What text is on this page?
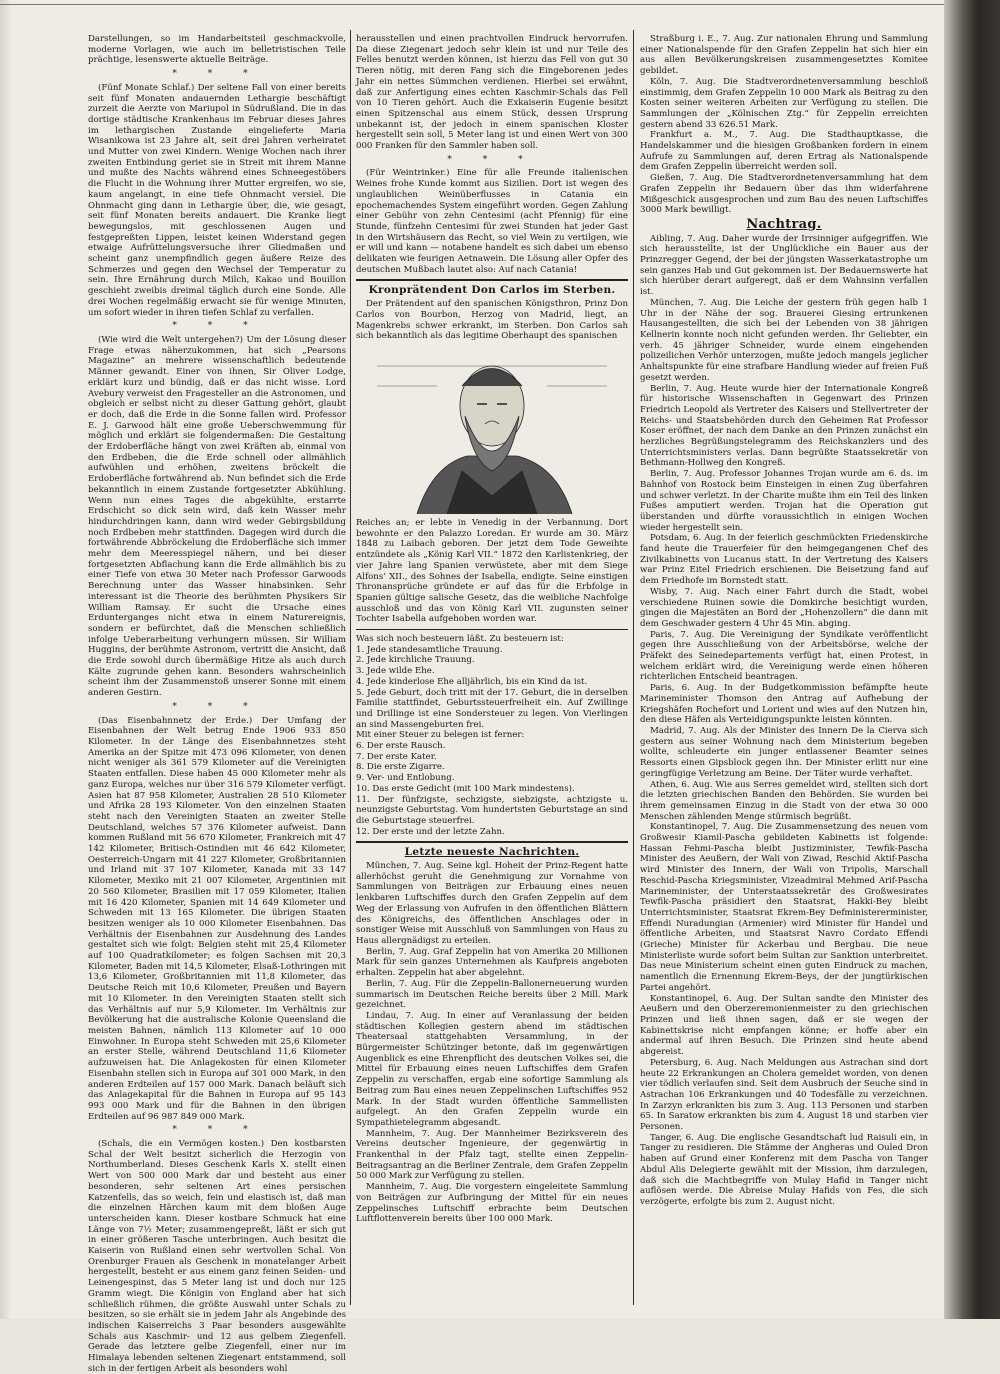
Darstellungen, so im Handarbeitsteil geschmackvolle, moderne Vorlagen, wie auch im belletristischen Teile prächtige, lesenswerte aktuelle Beiträge.

* * *

(Fünf Monate Schlaf.) Der seltene Fall von einer bereits seit fünf Monaten andauernden Lethargie beschäftigt zurzeit die Aerzte von Mariupol in Südrußland. Die in das dortige städtische Krankenhaus im Februar dieses Jahres im lethargischen Zustande eingelieferte Maria Wisanikowa ist 23 Jahre alt, seit drei Jahren verheiratet und Mutter von zwei Kindern. Wenige Wochen nach ihrer zweiten Entbindung geriet sie in Streit mit ihrem Manne und mußte des Nachts während eines Schneegestöbers die Flucht in die Wohnung ihrer Mutter ergreifen, wo sie, kaum angelangt, in eine tiefe Ohnmacht versiel. Die Ohnmacht ging dann in Lethargie über, die, wie gesagt, seit fünf Monaten bereits andauert. Die Kranke liegt bewegungslos, mit geschlossenen Augen und festgepreßten Lippen, leistet keinen Widerstand gegen etwaige Aufrüttelungsversuche ihrer Gliedmaßen und scheint ganz unempfindlich gegen äußere Reize des Schmerzes und gegen den Wechsel der Temperatur zu sein. Ihre Ernährung durch Milch, Kakao und Bouillon geschieht zweibis dreimal täglich durch eine Sonde. Alle drei Wochen regelmäßig erwacht sie für wenige Minuten, um sofort wieder in ihren tiefen Schlaf zu verfallen.

* * *

(Wie wird die Welt untergehen?) Um der Lösung dieser Frage etwas näherzukommen, hat sich „Pearsons Magazine“ an mehrere wissenschaftlich bedeutende Männer gewandt. Einer von ihnen, Sir Oliver Lodge, erklärt kurz und bündig, daß er das nicht wisse. Lord Avebury verweist den Fragesteller an die Astronomen, und obgleich er selbst nicht zu dieser Gattung gehört, glaubt er doch, daß die Erde in die Sonne fallen wird. Professor E. J. Garwood hält eine große Ueberschwemmung für möglich und erklärt sie folgendermaßen: Die Gestaltung der Erdoberfläche hängt von zwei Kräften ab, einmal von den Erdbeben, die die Erde schnell oder allmählich aufwühlen und erhöhen, zweitens bröckelt die Erdoberfläche fortwährend ab. Nun befindet sich die Erde bekanntlich in einem Zustande fortgesetzter Abkühlung. Wenn nun eines Tages die abgekühlte, erstarrte Erdschicht so dick sein wird, daß kein Wasser mehr hindurchdringen kann, dann wird weder Gebirgsbildung noch Erdbeben mehr stattfinden. Dagegen wird durch die fortwährende Abbröckelung die Erdoberfläche sich immer mehr dem Meeresspiegel nähern, und bei dieser fortgesetzten Abflachung kann die Erde allmählich bis zu einer Tiefe von etwa 30 Meter nach Professor Garwoods Berechnung unter das Wasser hinabsinken. Sehr interessant ist die Theorie des berühmten Physikers Sir William Ramsay. Er sucht die Ursache eines Erdunterganges nicht etwa in einem Naturereignis, sondern er befürchtet, daß die Menschen schließlich infolge Ueberarbeitung verhungern müssen. Sir William Huggins, der berühmte Astronom, vertritt die Ansicht, daß die Erde sowohl durch übermäßige Hitze als auch durch Kälte zugrunde gehen kann. Besonders wahrscheinlich scheint ihm der Zusammenstoß unserer Sonne mit einem anderen Gestirn.

* * *

(Das Eisenbahnnetz der Erde.) Der Umfang der Eisenbahnen der Welt betrug Ende 1906 933 850 Kilometer. In der Länge des Eisenbahnnetzes steht Amerika an der Spitze mit 473 096 Kilometer, von denen nicht weniger als 361 579 Kilometer auf die Vereinigten Staaten entfallen. Diese haben 45 000 Kilometer mehr als ganz Europa, welches nur über 316 579 Kilometer verfügt. Asien hat 87 958 Kilometer, Australien 28 510 Kilometer und Afrika 28 193 Kilometer. Von den einzelnen Staaten steht nach den Vereinigten Staaten an zweiter Stelle Deutschland, welches 57 376 Kilometer aufweist. Dann kommen Rußland mit 56 670 Kilometer, Frankreich mit 47 142 Kilometer, Britisch-Ostindien mit 46 642 Kilometer, Oesterreich-Ungarn mit 41 227 Kilometer, Großbritannien und Irland mit 37 107 Kilometer, Kanada mit 33 147 Kilometer, Mexiko mit 21 007 Kilometer, Argentinien mit 20 560 Kilometer, Brasilien mit 17 059 Kilometer, Italien mit 16 420 Kilometer, Spanien mit 14 649 Kilometer und Schweden mit 13 165 Kilometer. Die übrigen Staaten besitzen weniger als 10 000 Kilometer Eisenbahnen. Das Verhältnis der Eisenbahnen zur Ausdehnung des Landes gestaltet sich wie folgt: Belgien steht mit 25,4 Kilometer auf 100 Quadratkilometer; es folgen Sachsen mit 20,3 Kilometer, Baden mit 14,5 Kilometer, Elsaß-Lothringen mit 13,6 Kilometer, Großbritannien mit 11,8 Kilometer, das Deutsche Reich mit 10,6 Kilometer, Preußen und Bayern mit 10 Kilometer. In den Vereinigten Staaten stellt sich das Verhältnis auf nur 5,9 Kilometer. Im Verhältnis zur Bevölkerung hat die australische Kolonie Queensland die meisten Bahnen, nämlich 113 Kilometer auf 10 000 Einwohner. In Europa steht Schweden mit 25,6 Kilometer an erster Stelle, während Deutschland 11,6 Kilometer aufzuweisen hat. Die Anlagekosten für einen Kilometer Eisenbahn stellen sich in Europa auf 301 000 Mark, in den anderen Erdteilen auf 157 000 Mark. Danach beläuft sich das Anlagekapital für die Bahnen in Europa auf 95 143 993 000 Mark und für die Bahnen in den übrigen Erdteilen auf 96 987 849 000 Mark.

* * *

(Schals, die ein Vermögen kosten.) Den kostbarsten Schal der Welt besitzt sicherlich die Herzogin von Northumberland. Dieses Geschenk Karls X. stellt einen Wert von 500 000 Mark dar und besteht aus einer besonderen, sehr seltenen Art eines persischen Katzenfells, das so weich, fein und elastisch ist, daß man die einzelnen Härchen kaum mit dem bloßen Auge unterscheiden kann. Dieser kostbare Schmuck hat eine Länge von 7½ Meter; zusammengepreßt, läßt er sich gut in einer größeren Tasche unterbringen. Auch besitzt die Kaiserin von Rußland einen sehr wertvollen Schal. Von Orenburger Frauen als Geschenk in monatelanger Arbeit hergestellt, besteht er aus einem ganz feinen Seiden- und Leinengespinst, das 5 Meter lang ist und doch nur 125 Gramm wiegt. Die Königin von England aber hat sich schließlich rühmen, die größte Auswahl unter Schals zu besitzen, so sie erhält sie in jedem Jahr als Angebinde des indischen Kaiserreichs 3 Paar besonders ausgewählte Schals aus Kaschmir- und 12 aus gelbem Ziegenfell. Gerade das letztere gelbe Ziegenfell, einer nur im Himalaya lebenden seltenen Ziegenart entstammend, soll sich in der fertigen Arbeit als besonders wohl

herausstellen und einen prachtvollen Eindruck hervorrufen. Da diese Ziegenart jedoch sehr klein ist und nur Teile des Felles benutzt werden können, ist hierzu das Fell von gut 30 Tieren nötig, mit deren Fang sich die Eingeborenen jedes Jahr ein nettes Sümmchen verdienen. Hierbei sei erwähnt, daß zur Anfertigung eines echten Kaschmir-Schals das Fell von 10 Tieren gehört. Auch die Exkaiserin Eugenie besitzt einen Spitzenschal aus einem Stück, dessen Ursprung unbekannt ist, der jedoch in einem spanischen Kloster hergestellt sein soll, 5 Meter lang ist und einen Wert von 300 000 Franken für den Sammler haben soll.

* * *

(Für Weintrinker.) Eine für alle Freunde italienischen Weines frohe Kunde kommt aus Sizilien. Dort ist wegen des unglaublichen Weinüberflusses in Catania ein epochemachendes System eingeführt worden. Gegen Zahlung einer Gebühr von zehn Centesimi (acht Pfennig) für eine Stunde, fünfzehn Centesimi für zwei Stunden hat jeder Gast in den Wirtshäusern das Recht, so viel Wein zu vertilgen, wie er will und kann — notabene handelt es sich dabei um ebenso delikaten wie feurigen Aetnawein. Die Lösung aller Opfer des deutschen Mußbach lautet also: Auf nach Catania!

Kronprätendent Don Carlos im Sterben.

Der Prätendent auf den spanischen Königsthron, Prinz Don Carlos von Bourbon, Herzog von Madrid, liegt, an Magenkrebs schwer erkrankt, im Sterben. Don Carlos sah sich bekanntlich als das legitime Oberhaupt des spanischen

Reiches an; er lebte in Venedig in der Verbannung. Dort bewohnte er den Palazzo Loredan. Er wurde am 30. März 1848 zu Laibach geboren. Der jetzt dem Tode Geweihte entzündete als „König Karl VII.“ 1872 den Karlistenkrieg, der vier Jahre lang Spanien verwüstete, aber mit dem Siege Alfons’ XII., des Sohnes der Isabella, endigte. Seine einstigen Thronansprüche gründete er auf das für die Erbfolge in Spanien gültige salische Gesetz, das die weibliche Nachfolge ausschloß und das von König Karl VII. zugunsten seiner Tochter Isabella aufgehoben worden war.

Was sich noch besteuern läßt. Zu besteuern ist:
1. Jede standesamtliche Trauung.
2. Jede kirchliche Trauung.
3. Jede wilde Ehe.
4. Jede kinderlose Ehe alljährlich, bis ein Kind da ist.
5. Jede Geburt, doch tritt mit der 17. Geburt, die in derselben Familie stattfindet, Geburtssteuerfreiheit ein. Auf Zwillinge und Drillinge ist eine Sondersteuer zu legen. Von Vierlingen an sind Massengeburten frei.
Mit einer Steuer zu belegen ist ferner:
6. Der erste Rausch.
7. Der erste Kater.
8. Die erste Zigarre.
9. Ver- und Entlobung.
10. Das erste Gedicht (mit 100 Mark mindestens).
11. Der fünfzigste, sechzigste, siebzigste, achtzigste u. neunzigste Geburtstag. Vom hundertsten Geburtstage an sind die Geburtstage steuerfrei.
12. Der erste und der letzte Zahn.
Letzte neueste Nachrichten.

München, 7. Aug. Seine kgl. Hoheit der Prinz-Regent hatte allerhöchst geruht die Genehmigung zur Vornahme von Sammlungen von Beiträgen zur Erbauung eines neuen lenkbaren Luftschiffes durch den Grafen Zeppelin auf dem Weg der Erlassung von Aufrufen in den öffentlichen Blättern des Königreichs, des öffentlichen Anschlages oder in sonstiger Weise mit Ausschluß von Sammlungen von Haus zu Haus allergnädigst zu erteilen.

Berlin, 7. Aug. Graf Zeppelin hat von Amerika 20 Millionen Mark für sein ganzes Unternehmen als Kaufpreis angeboten erhalten. Zeppelin hat aber abgelehnt.

Berlin, 7. Aug. Für die Zeppelin-Ballonerneuerung wurden summarisch im Deutschen Reiche bereits über 2 Mill. Mark gezeichnet.

Lindau, 7. Aug. In einer auf Veranlassung der beiden städtischen Kollegien gestern abend im städtischen Theatersaal stattgehabten Versammlung, in der Bürgermeister Schützinger betonte, daß im gegenwärtigen Augenblick es eine Ehrenpflicht des deutschen Volkes sei, die Mittel für Erbauung eines neuen Luftschiffes dem Grafen Zeppelin zu verschaffen, ergab eine sofortige Sammlung als Beitrag zum Bau eines neuen Zeppelinschen Luftschiffes 952 Mark. In der Stadt wurden öffentliche Sammellisten aufgelegt. An den Grafen Zeppelin wurde ein Sympathietelegramm abgesandt.

Mannheim, 7. Aug. Der Mannheimer Bezirksverein des Vereins deutscher Ingenieure, der gegenwärtig in Frankenthal in der Pfalz tagt, stellte einen Zeppelin-Beitragsantrag an die Berliner Zentrale, dem Grafen Zeppelin 50 000 Mark zur Verfügung zu stellen.

Mannheim, 7. Aug. Die vorgestern eingeleitete Sammlung von Beiträgen zur Aufbringung der Mittel für ein neues Zeppelinsches Luftschiff erbrachte beim Deutschen Luftflottenverein bereits über 100 000 Mark.

Straßburg i. E., 7. Aug. Zur nationalen Ehrung und Sammlung einer Nationalspende für den Grafen Zeppelin hat sich hier ein aus allen Bevölkerungskreisen zusammengesetztes Komitee gebildet.

Köln, 7. Aug. Die Stadtverordnetenversammlung beschloß einstimmig, dem Grafen Zeppelin 10 000 Mark als Beitrag zu den Kosten seiner weiteren Arbeiten zur Verfügung zu stellen. Die Sammlungen der „Kölnischen Ztg.“ für Zeppelin erreichten gestern abend 33 626.51 Mark.

Frankfurt a. M., 7. Aug. Die Stadthauptkasse, die Handelskammer und die hiesigen Großbanken fordern in einem Aufrufe zu Sammlungen auf, deren Ertrag als Nationalspende dem Grafen Zeppelin überreicht werden soll.

Gießen, 7. Aug. Die Stadtverordnetenversammlung hat dem Grafen Zeppelin ihr Bedauern über das ihm widerfahrene Mißgeschick ausgesprochen und zum Bau des neuen Luftschiffes 3000 Mark bewilligt.

Nachtrag.

Aibling, 7. Aug. Daher wurde der Irrsinniger aufgegriffen. Wie sich herausstellte, ist der Unglückliche ein Bauer aus der Prinzregger Gegend, der bei der jüngsten Wasserkatastrophe um sein ganzes Hab und Gut gekommen ist. Der Bedauernswerte hat sich hierüber derart aufgeregt, daß er dem Wahnsinn verfallen ist.

München, 7. Aug. Die Leiche der gestern früh gegen halb 1 Uhr in der Nähe der sog. Brauerei Giesing ertrunkenen Hausangestellten, die sich bei der Lebenden von 38 jährigen Kellnerin konnte noch nicht gefunden werden. Ihr Geliebter, ein verh. 45 jähriger Schneider, wurde einem eingehenden polizeilichen Verhör unterzogen, mußte jedoch mangels jeglicher Anhaltspunkte für eine strafbare Handlung wieder auf freien Fuß gesetzt werden.

Berlin, 7. Aug. Heute wurde hier der Internationale Kongreß für historische Wissenschaften in Gegenwart des Prinzen Friedrich Leopold als Vertreter des Kaisers und Stellvertreter der Reichs- und Staatsbehörden durch den Geheimen Rat Professor Koser eröffnet, der nach dem Danke an den Prinzen zunächst ein herzliches Begrüßungstelegramm des Reichskanzlers und des Unterrichtsministers verlas. Dann begrüßte Staatssekretär von Bethmann-Hollweg den Kongreß.

Berlin, 7. Aug. Professor Johannes Trojan wurde am 6. ds. im Bahnhof von Rostock beim Einsteigen in einen Zug überfahren und schwer verletzt. In der Charite mußte ihm ein Teil des linken Fußes amputiert werden. Trojan hat die Operation gut überstanden und dürfte voraussichtlich in einigen Wochen wieder hergestellt sein.

Potsdam, 6. Aug. In der feierlich geschmückten Friedenskirche fand heute die Trauerfeier für den heimgegangenen Chef des Zivilkabinetts von Lucanus statt. In der Vertretung des Kaisers war Prinz Eitel Friedrich erschienen. Die Beisetzung fand auf dem Friedhofe im Bornstedt statt.

Wisby, 7. Aug. Nach einer Fahrt durch die Stadt, wobei verschiedene Ruinen sowie die Domkirche besichtigt wurden, gingen die Majestäten an Bord der „Hohenzollern“ die dann mit dem Geschwader gestern 4 Uhr 45 Min. abging.

Paris, 7. Aug. Die Vereinigung der Syndikate veröffentlicht gegen ihre Ausschließung von der Arbeitsbörse, welche der Präfekt des Seinedepartements verfügt hat, einen Protest, in welchem erklärt wird, die Vereinigung werde einen höheren richterlichen Entscheid beantragen.

Paris, 6. Aug. In der Budgetkommission befämpfte heute Marineminister Thomson den Antrag auf Aufhebung der Kriegshäfen Rochefort und Lorient und wies auf den Nutzen hin, den diese Häfen als Verteidigungspunkte leisten könnten.

Madrid, 7. Aug. Als der Minister des Innern De la Cierva sich gestern aus seiner Wohnung nach dem Ministerium begeben wollte, schleuderte ein junger entlassener Beamter seines Ressorts einen Gipsblock gegen ihn. Der Minister erlitt nur eine geringfügige Verletzung am Beine. Der Täter wurde verhaftet.

Athen, 6. Aug. Wie aus Serres gemeldet wird, stellten sich dort die letzten griechischen Banden den Behörden. Sie wurden bei ihrem gemeinsamen Einzug in die Stadt von der etwa 30 000 Menschen zählenden Menge stürmisch begrüßt.

Konstantinopel, 7. Aug. Die Zusammensetzung des neuen vom Großwesir Kiamil-Pascha gebildeten Kabinetts ist folgende: Hassan Fehmi-Pascha bleibt Justizminister, Tewfik-Pascha Minister des Aeußern, der Wali von Ziwad, Reschid Aktif-Pascha wird Minister des Innern, der Wali von Tripolis, Marschall Reschid-Pascha Kriegsminister, Vizeadmiral Mehmed Arif-Pascha Marineminister, der Unterstaatssekretär des Großwesirates Tewfik-Pascha präsidiert den Staatsrat, Hakki-Bey bleibt Unterrichtsminister, Staatsrat Ekrem-Bey Defministererminister, Effendi Nuradungian (Armenier) wird Minister für Handel und öffentliche Arbeiten, und Staatsrat Navro Cordato Effendi (Grieche) Minister für Ackerbau und Bergbau. Die neue Ministerliste wurde sofort beim Sultan zur Sanktion unterbreitet. Das neue Ministerium scheint einen guten Eindruck zu machen, namentlich die Ernennung Ekrem-Beys, der der jungtürkischen Partei angehört.

Konstantinopel, 6. Aug. Der Sultan sandte den Minister des Aeußern und den Oberzeremonienmeister zu den griechischen Prinzen und ließ ihnen sagen, daß er sie wegen der Kabinettskrise nicht empfangen könne; er hoffe aber ein andermal auf ihren Besuch. Die Prinzen sind heute abend abgereist.

Petersburg, 6. Aug. Nach Meldungen aus Astrachan sind dort heute 22 Erkrankungen an Cholera gemeldet worden, von denen vier tödlich verlaufen sind. Seit dem Ausbruch der Seuche sind in Astrachan 106 Erkrankungen und 40 Todesfälle zu verzeichnen. In Zarzyn erkrankten bis zum 3. Aug. 113 Personen und starben 65. In Saratow erkrankten bis zum 4. August 18 und starben vier Personen.

Tanger, 6. Aug. Die englische Gesandtschaft lud Raisuli ein, in Tanger zu residieren. Die Stämme der Angheras und Ouled Dron haben auf Grund einer Konferenz mit dem Pascha von Tanger Abdul Alis Delegierte gewählt mit der Mission, ihm darzulegen, daß sich die Machtbegriffe von Mulay Hafid in Tanger nicht auflösen werde. Die Abreise Mulay Hafids von Fes, die sich verzögerte, erfolgte bis zum 2. August nicht.
